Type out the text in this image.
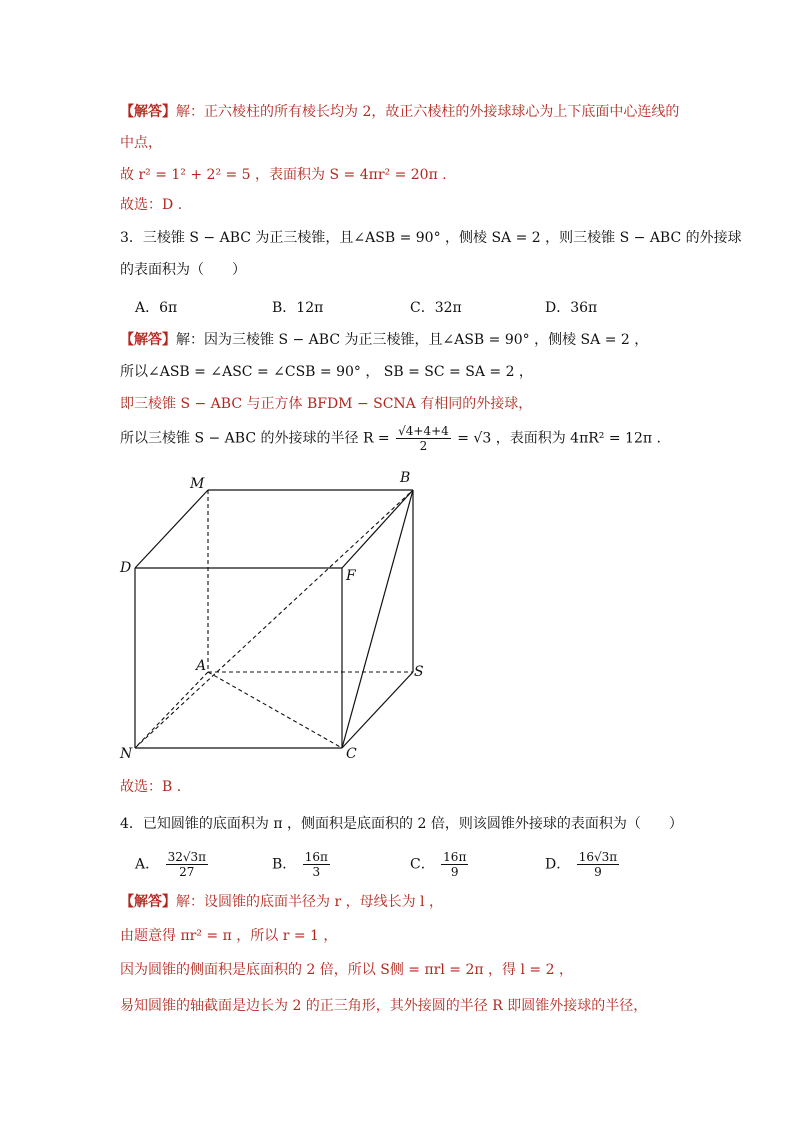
【解答】解：正六棱柱的所有棱长均为 2，故正六棱柱的外接球球心为上下底面中心连线的
中点，
故 r² = 1² + 2² = 5 ，表面积为 S = 4πr² = 20π .
故选：D .
3．三棱锥 S − ABC 为正三棱锥，且∠ASB = 90° ，侧棱 SA = 2 ，则三棱锥 S − ABC 的外接球
的表面积为（　　）
A．6π	B．12π	C．32π	D．36π
【解答】解：因为三棱锥 S − ABC 为正三棱锥，且∠ASB = 90° ，侧棱 SA = 2 ，
所以∠ASB = ∠ASC = ∠CSB = 90° ， SB = SC = SA = 2 ，
即三棱锥 S − ABC 与正方体 BFDM − SCNA 有相同的外接球，
所以三棱锥 S − ABC 的外接球的半径 $R = \frac{√4+4+4}{2} = √3$ ，表面积为 4πR² = 12π .
M	B
D	F
A	S
N	C
故选：B .
4．已知圆锥的底面积为 π ，侧面积是底面积的 2 倍，则该圆锥外接球的表面积为（　　）
A． $\frac{32√3\pi}{27}$	B． $\frac{16\pi}{3}$	C． $\frac{16\pi}{9}$	D． $\frac{16√3\pi}{9}$
【解答】解：设圆锥的底面半径为 r ，母线长为 l ，
由题意得 πr² = π ，所以 r = 1 ，
因为圆锥的侧面积是底面积的 2 倍，所以 S侧 = πrl = 2π ，得 l = 2 ，
易知圆锥的轴截面是边长为 2 的正三角形，其外接圆的半径 R 即圆锥外接球的半径，
